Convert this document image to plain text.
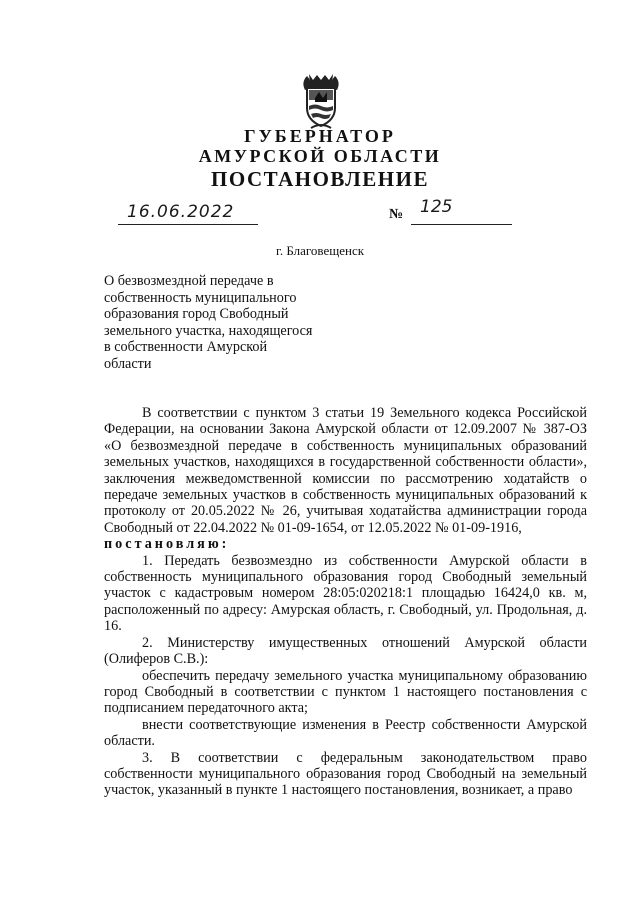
ГУБЕРНАТОР
АМУРСКОЙ ОБЛАСТИ
ПОСТАНОВЛЕНИЕ
16.06.2022	№ 125
г. Благовещенск
О безвозмездной передаче в
собственность муниципального
образования город Свободный
земельного участка, находящегося
в собственности Амурской
области

В соответствии с пунктом 3 статьи 19 Земельного кодекса Российской Федерации, на основании Закона Амурской области от 12.09.2007 № 387-ОЗ «О безвозмездной передаче в собственность муниципальных образований земельных участков, находящихся в государственной собственности области», заключения межведомственной комиссии по рассмотрению ходатайств о передаче земельных участков в собственность муниципальных образований к протоколу от 20.05.2022 № 26, учитывая ходатайства администрации города Свободный от 22.04.2022 № 01-09-1654, от 12.05.2022 № 01-09-1916,

постановляю:

1. Передать безвозмездно из собственности Амурской области в собственность муниципального образования город Свободный земельный участок с кадастровым номером 28:05:020218:1 площадью 16424,0 кв. м, расположенный по адресу: Амурская область, г. Свободный, ул. Продольная, д. 16.

2. Министерству имущественных отношений Амурской области (Олиферов С.В.):

обеспечить передачу земельного участка муниципальному образованию город Свободный в соответствии с пунктом 1 настоящего постановления с подписанием передаточного акта;

внести соответствующие изменения в Реестр собственности Амурской области.

3. В соответствии с федеральным законодательством право собственности муниципального образования город Свободный на земельный участок, указанный в пункте 1 настоящего постановления, возникает, а право
